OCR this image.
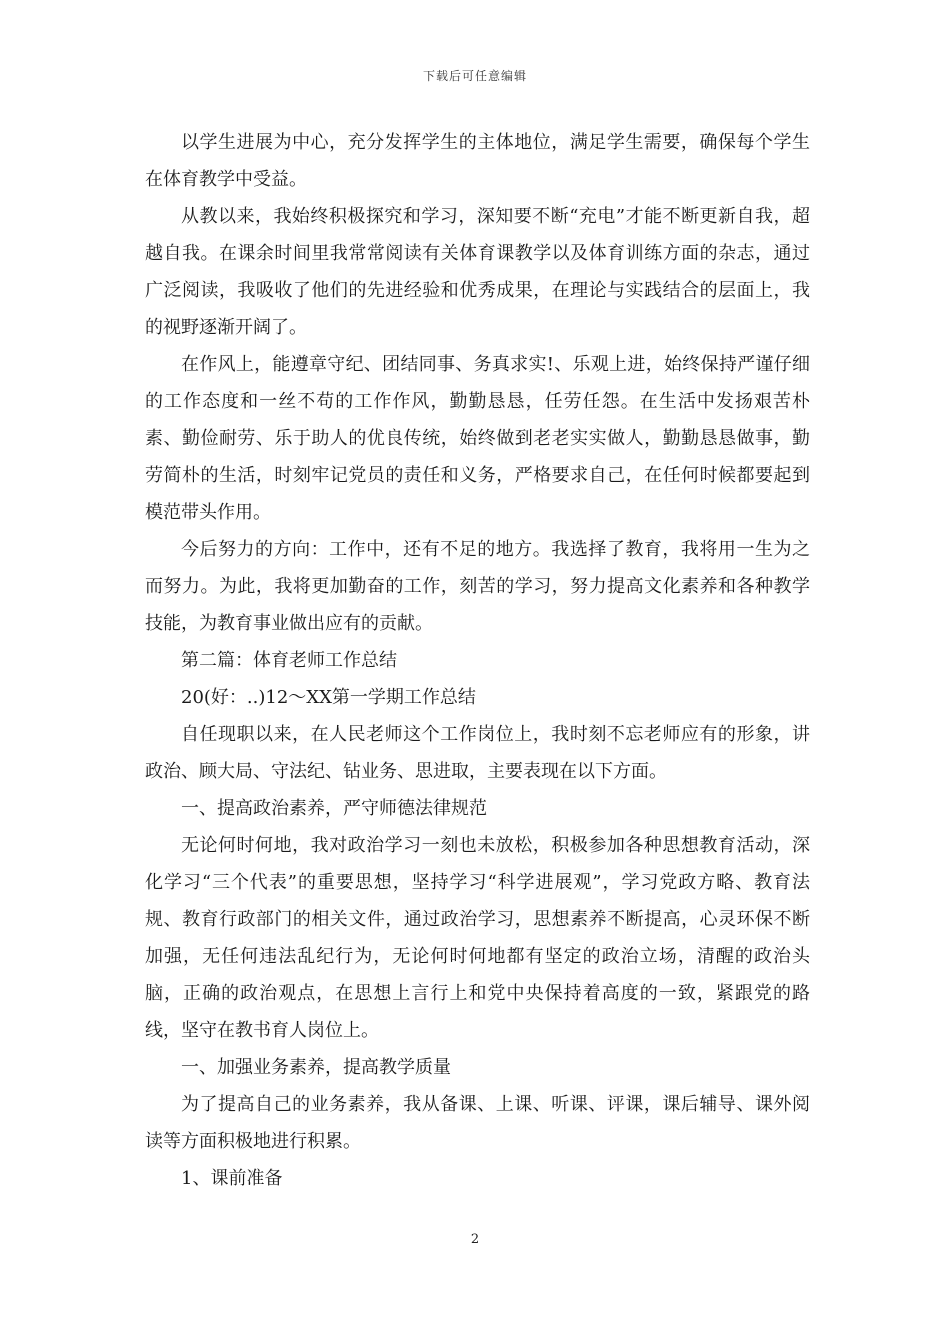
下载后可任意编辑

以学生进展为中心，充分发挥学生的主体地位，满足学生需要，确保每个学生在体育教学中受益。

从教以来，我始终积极探究和学习，深知要不断“充电”才能不断更新自我，超越自我。在课余时间里我常常阅读有关体育课教学以及体育训练方面的杂志，通过广泛阅读，我吸收了他们的先进经验和优秀成果，在理论与实践结合的层面上，我的视野逐渐开阔了。

在作风上，能遵章守纪、团结同事、务真求实!、乐观上进，始终保持严谨仔细的工作态度和一丝不苟的工作作风，勤勤恳恳，任劳任怨。在生活中发扬艰苦朴素、勤俭耐劳、乐于助人的优良传统，始终做到老老实实做人，勤勤恳恳做事，勤劳简朴的生活，时刻牢记党员的责任和义务，严格要求自己，在任何时候都要起到模范带头作用。

今后努力的方向：工作中，还有不足的地方。我选择了教育，我将用一生为之而努力。为此，我将更加勤奋的工作，刻苦的学习，努力提高文化素养和各种教学技能，为教育事业做出应有的贡献。

第二篇：体育老师工作总结

20(好：..)12～XX第一学期工作总结

自任现职以来，在人民老师这个工作岗位上，我时刻不忘老师应有的形象，讲政治、顾大局、守法纪、钻业务、思进取，主要表现在以下方面。

一、提高政治素养，严守师德法律规范

无论何时何地，我对政治学习一刻也未放松，积极参加各种思想教育活动，深化学习“三个代表”的重要思想，坚持学习“科学进展观”，学习党政方略、教育法规、教育行政部门的相关文件，通过政治学习，思想素养不断提高，心灵环保不断加强，无任何违法乱纪行为，无论何时何地都有坚定的政治立场，清醒的政治头脑，正确的政治观点，在思想上言行上和党中央保持着高度的一致，紧跟党的路线，坚守在教书育人岗位上。

一、加强业务素养，提高教学质量

为了提高自己的业务素养，我从备课、上课、听课、评课，课后辅导、课外阅读等方面积极地进行积累。

1、课前准备

2
